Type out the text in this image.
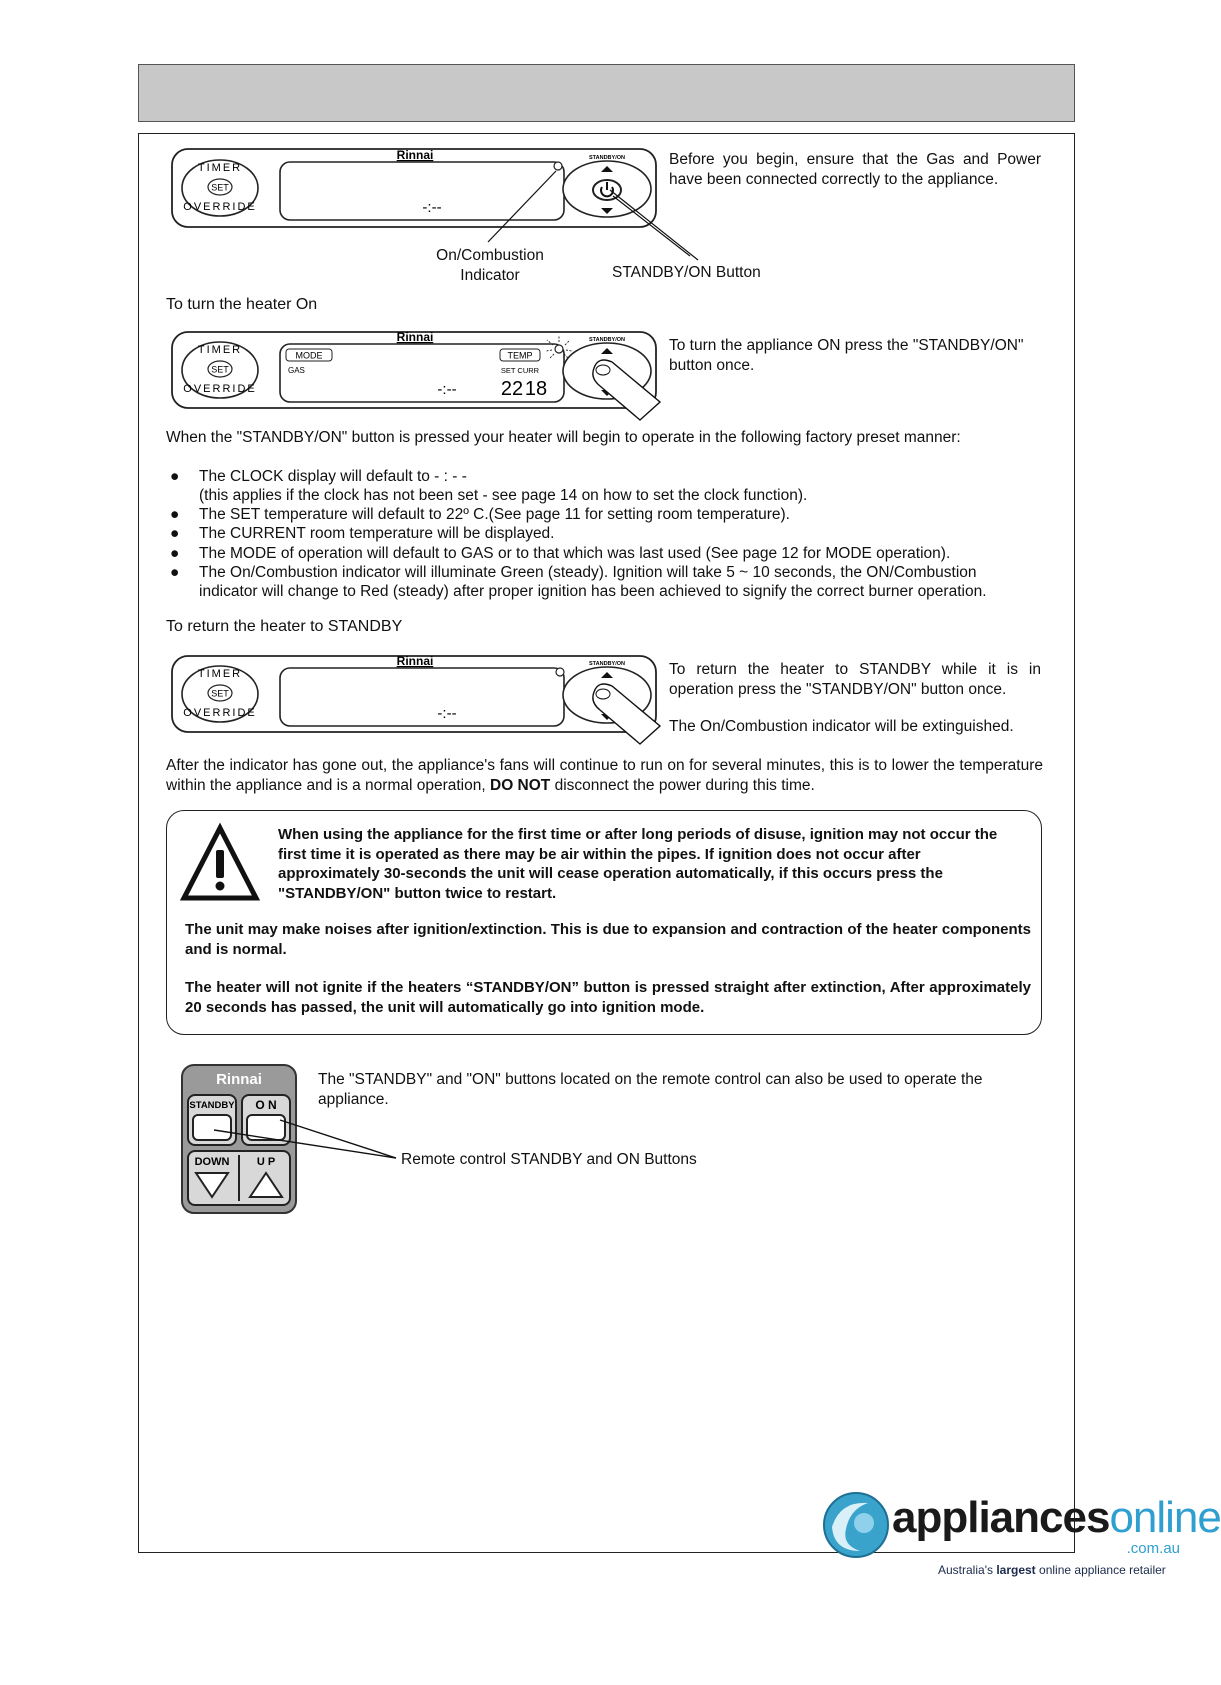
SET
TIMER
OVERRIDE
Rinnai
-:--
STANDBY/ON	Before you begin, ensure that the Gas and Power have been connected correctly to the appliance.
On/Combustion
Indicator	STANDBY/ON Button
To turn the heater On
SET
TIMER
OVERRIDE
Rinnai
MODE	TEMP
GAS	SET CURR
-:-- 22 18
STANDBY/ON	To turn the appliance ON press the "STANDBY/ON" button once.
When the "STANDBY/ON" button is pressed your heater will begin to operate in the following factory preset manner:
● The CLOCK display will default to - : - -
(this applies if the clock has not been set - see page 14 on how to set the clock function).
● The SET temperature will default to 22º C.(See page 11 for setting room temperature).
● The CURRENT room temperature will be displayed.
● The MODE of operation will default to GAS or to that which was last used (See page 12 for MODE operation).
● The On/Combustion indicator will illuminate Green (steady). Ignition will take 5 ~ 10 seconds, the ON/Combustion
indicator will change to Red (steady) after proper ignition has been achieved to signify the correct burner operation.
To return the heater to STANDBY
SET
TIMER
OVERRIDE
Rinnai
-:--
STANDBY/ON	To return the heater to STANDBY while it is in operation press the "STANDBY/ON" button once.
The On/Combustion indicator will be extinguished.
After the indicator has gone out, the appliance's fans will continue to run on for several minutes, this is to lower the temperature within the appliance and is a normal operation, DO NOT disconnect the power during this time.
When using the appliance for the first time or after long periods of disuse, ignition may not occur the first time it is operated as there may be air within the pipes. If ignition does not occur after approximately 30-seconds the unit will cease operation automatically, if this occurs press the "STANDBY/ON" button twice to restart.
The unit may make noises after ignition/extinction. This is due to expansion and contraction of the heater components and is normal.
The heater will not ignite if the heaters “STANDBY/ON” button is pressed straight after extinction, After approximately 20 seconds has passed, the unit will automatically go into ignition mode.
Rinnai
STANDBY O N
DOWN U P
The "STANDBY" and "ON" buttons located on the remote control can also be used to operate the appliance.
Remote control STANDBY and ON Buttons
appliancesonline
.com.au
Australia's largest online appliance retailer
